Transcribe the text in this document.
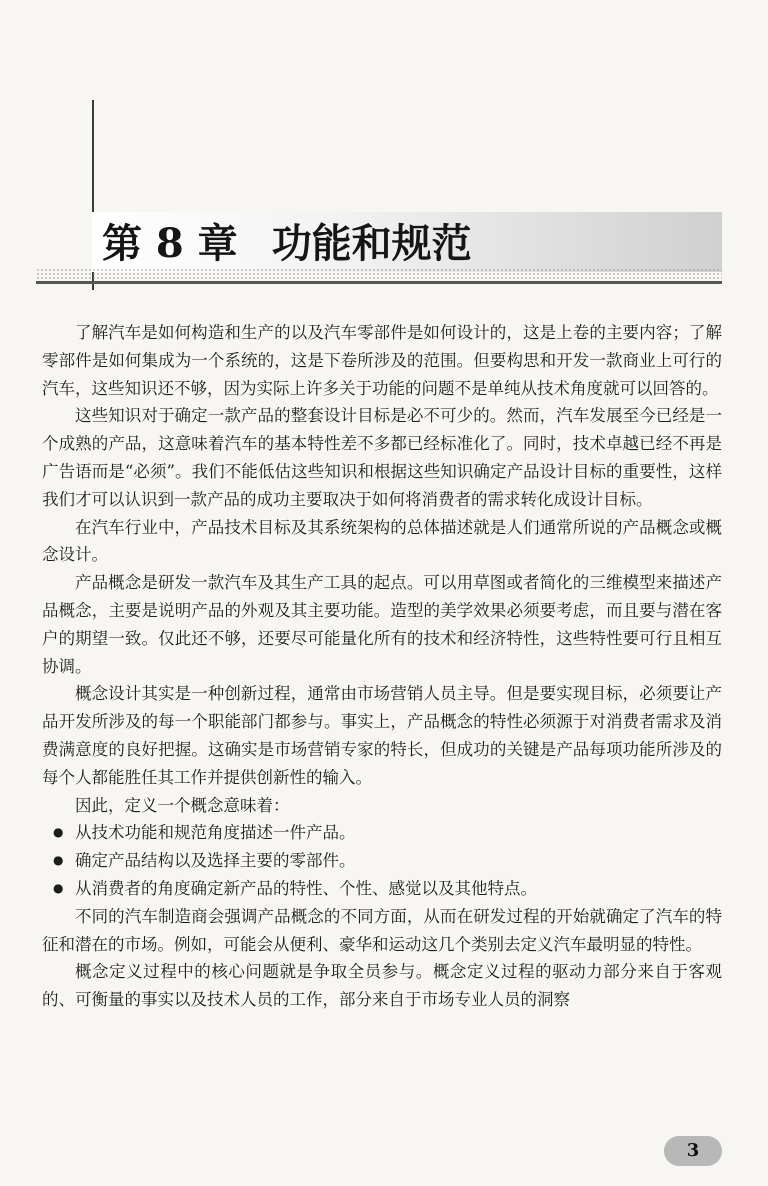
第 8 章 功能和规范

了解汽车是如何构造和生产的以及汽车零部件是如何设计的，这是上卷的主要内容；了解零部件是如何集成为一个系统的，这是下卷所涉及的范围。但要构思和开发一款商业上可行的汽车，这些知识还不够，因为实际上许多关于功能的问题不是单纯从技术角度就可以回答的。

这些知识对于确定一款产品的整套设计目标是必不可少的。然而，汽车发展至今已经是一个成熟的产品，这意味着汽车的基本特性差不多都已经标准化了。同时，技术卓越已经不再是广告语而是“必须”。我们不能低估这些知识和根据这些知识确定产品设计目标的重要性，这样我们才可以认识到一款产品的成功主要取决于如何将消费者的需求转化成设计目标。

在汽车行业中，产品技术目标及其系统架构的总体描述就是人们通常所说的产品概念或概念设计。

产品概念是研发一款汽车及其生产工具的起点。可以用草图或者简化的三维模型来描述产品概念，主要是说明产品的外观及其主要功能。造型的美学效果必须要考虑，而且要与潜在客户的期望一致。仅此还不够，还要尽可能量化所有的技术和经济特性，这些特性要可行且相互协调。

概念设计其实是一种创新过程，通常由市场营销人员主导。但是要实现目标，必须要让产品开发所涉及的每一个职能部门都参与。事实上，产品概念的特性必须源于对消费者需求及消费满意度的良好把握。这确实是市场营销专家的特长，但成功的关键是产品每项功能所涉及的每个人都能胜任其工作并提供创新性的输入。

因此，定义一个概念意味着：

● 从技术功能和规范角度描述一件产品。
● 确定产品结构以及选择主要的零部件。
● 从消费者的角度确定新产品的特性、个性、感觉以及其他特点。

不同的汽车制造商会强调产品概念的不同方面，从而在研发过程的开始就确定了汽车的特征和潜在的市场。例如，可能会从便利、豪华和运动这几个类别去定义汽车最明显的特性。

概念定义过程中的核心问题就是争取全员参与。概念定义过程的驱动力部分来自于客观的、可衡量的事实以及技术人员的工作，部分来自于市场专业人员的洞察

3
